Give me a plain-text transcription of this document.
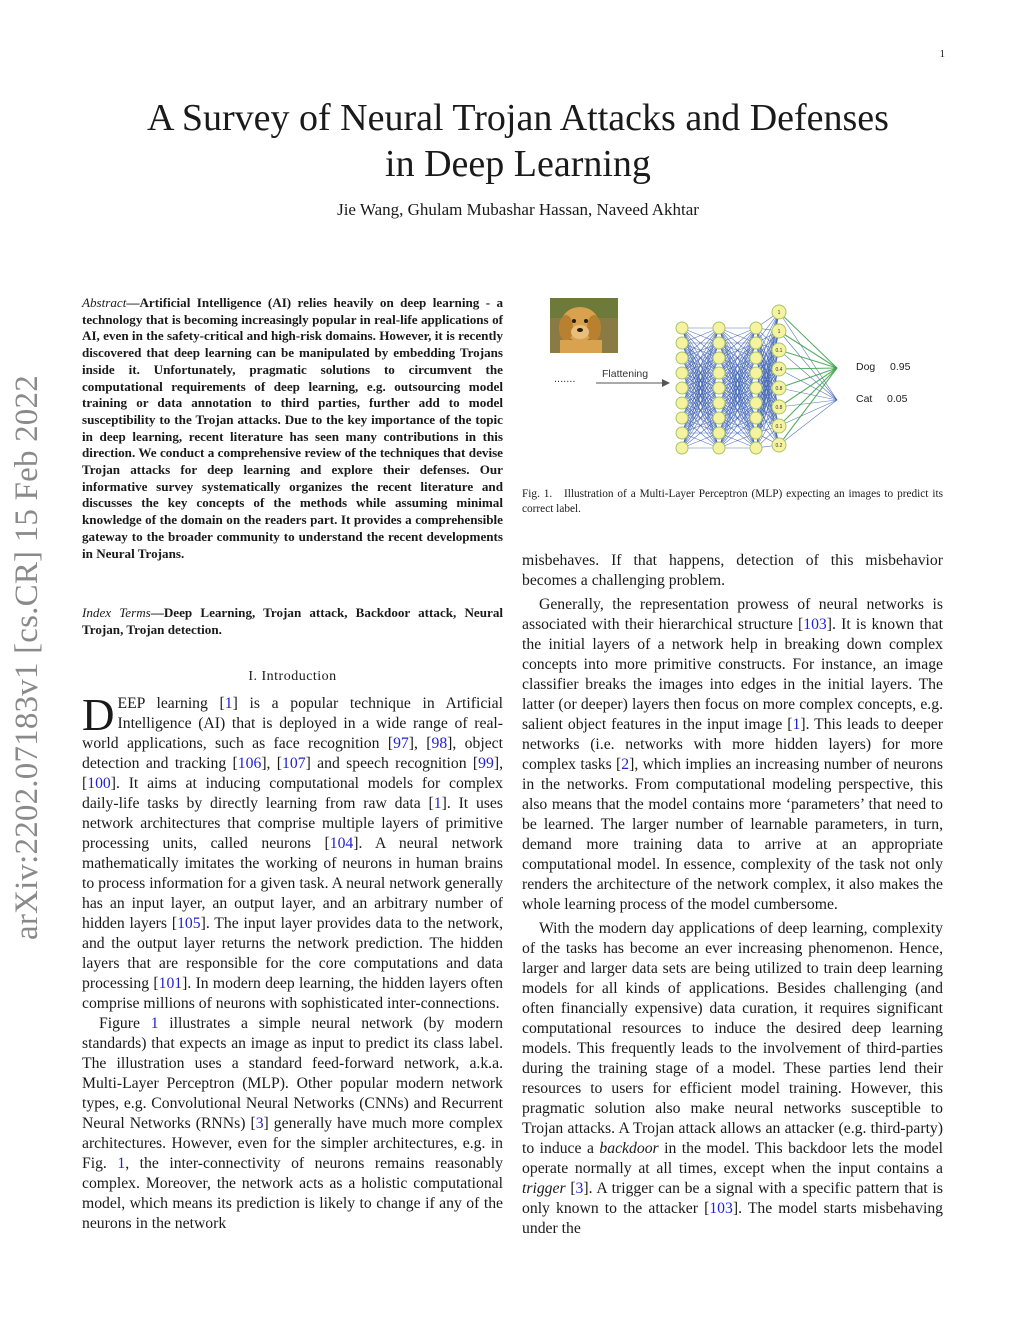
1
arXiv:2202.07183v1 [cs.CR] 15 Feb 2022
A Survey of Neural Trojan Attacks and Defenses
in Deep Learning
Jie Wang, Ghulam Mubashar Hassan, Naveed Akhtar
Abstract—Artificial Intelligence (AI) relies heavily on deep learning - a technology that is becoming increasingly popular in real-life applications of AI, even in the safety-critical and high-risk domains. However, it is recently discovered that deep learning can be manipulated by embedding Trojans inside it. Unfortunately, pragmatic solutions to circumvent the computational requirements of deep learning, e.g. outsourcing model training or data annotation to third parties, further add to model susceptibility to the Trojan attacks. Due to the key importance of the topic in deep learning, recent literature has seen many contributions in this direction. We conduct a comprehensive review of the techniques that devise Trojan attacks for deep learning and explore their defenses. Our informative survey systematically organizes the recent literature and discusses the key concepts of the methods while assuming minimal knowledge of the domain on the readers part. It provides a comprehensible gateway to the broader community to understand the recent developments in Neural Trojans.
Index Terms—Deep Learning, Trojan attack, Backdoor attack, Neural Trojan, Trojan detection.
I. Introduction

DEEP learning [1] is a popular technique in Artificial Intelligence (AI) that is deployed in a wide range of real-world applications, such as face recognition [97], [98], object detection and tracking [106], [107] and speech recognition [99], [100]. It aims at inducing computational models for complex daily-life tasks by directly learning from raw data [1]. It uses network architectures that comprise multiple layers of primitive processing units, called neurons [104]. A neural network mathematically imitates the working of neurons in human brains to process information for a given task. A neural network generally has an input layer, an output layer, and an arbitrary number of hidden layers [105]. The input layer provides data to the network, and the output layer returns the network prediction. The hidden layers that are responsible for the core computations and data processing [101]. In modern deep learning, the hidden layers often comprise millions of neurons with sophisticated inter-connections.

Figure 1 illustrates a simple neural network (by modern standards) that expects an image as input to predict its class label. The illustration uses a standard feed-forward network, a.k.a. Multi-Layer Perceptron (MLP). Other popular modern network types, e.g. Convolutional Neural Networks (CNNs) and Recurrent Neural Networks (RNNs) [3] generally have much more complex architectures. However, even for the simpler architectures, e.g. in Fig. 1, the inter-connectivity of neurons remains reasonably complex. Moreover, the network acts as a holistic computational model, which means its prediction is likely to change if any of the neurons in the network

.......	Flattening
1
1
0.1
0.4
0.8
0.8
0.1
0.2
Dog 0.95
Cat 0.05
Fig. 1. Illustration of a Multi-Layer Perceptron (MLP) expecting an images to predict its correct label.

misbehaves. If that happens, detection of this misbehavior becomes a challenging problem.

Generally, the representation prowess of neural networks is associated with their hierarchical structure [103]. It is known that the initial layers of a network help in breaking down complex concepts into more primitive constructs. For instance, an image classifier breaks the images into edges in the initial layers. The latter (or deeper) layers then focus on more complex concepts, e.g. salient object features in the input image [1]. This leads to deeper networks (i.e. networks with more hidden layers) for more complex tasks [2], which implies an increasing number of neurons in the networks. From computational modeling perspective, this also means that the model contains more ‘parameters’ that need to be learned. The larger number of learnable parameters, in turn, demand more training data to arrive at an appropriate computational model. In essence, complexity of the task not only renders the architecture of the network complex, it also makes the whole learning process of the model cumbersome.

With the modern day applications of deep learning, complexity of the tasks has become an ever increasing phenomenon. Hence, larger and larger data sets are being utilized to train deep learning models for all kinds of applications. Besides challenging (and often financially expensive) data curation, it requires significant computational resources to induce the desired deep learning models. This frequently leads to the involvement of third-parties during the training stage of a model. These parties lend their resources to users for efficient model training. However, this pragmatic solution also make neural networks susceptible to Trojan attacks. A Trojan attack allows an attacker (e.g. third-party) to induce a backdoor in the model. This backdoor lets the model operate normally at all times, except when the input contains a trigger [3]. A trigger can be a signal with a specific pattern that is only known to the attacker [103]. The model starts misbehaving under the
